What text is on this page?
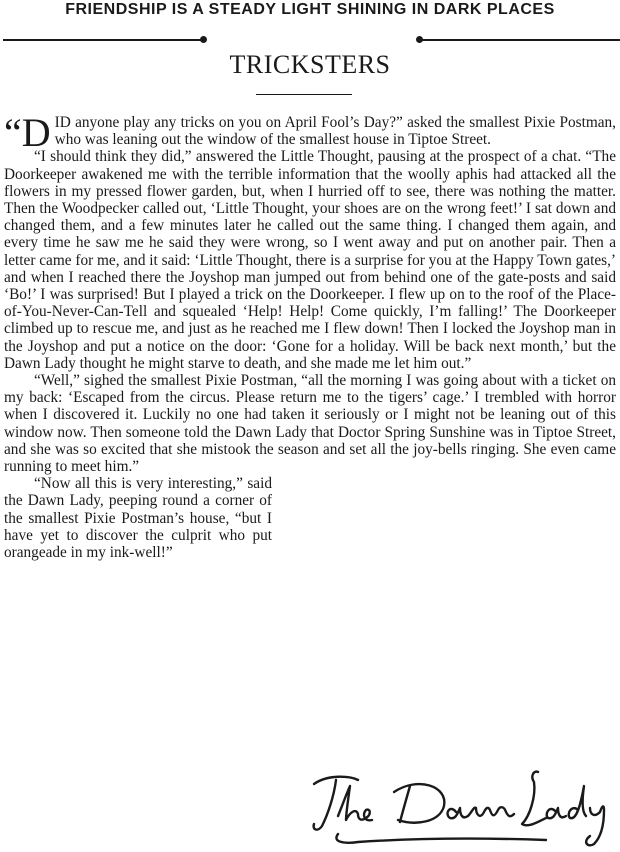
FRIENDSHIP IS A STEADY LIGHT SHINING IN DARK PLACES
TRICKSTERS

“DID anyone play any tricks on you on April Fool’s Day?” asked the smallest Pixie Postman, who was leaning out the window of the smallest house in Tiptoe Street.

“I should think they did,” answered the Little Thought, pausing at the prospect of a chat. “The Doorkeeper awakened me with the terrible information that the woolly aphis had attacked all the flowers in my pressed flower garden, but, when I hurried off to see, there was nothing the matter. Then the Woodpecker called out, ‘Little Thought, your shoes are on the wrong feet!’ I sat down and changed them, and a few minutes later he called out the same thing. I changed them again, and every time he saw me he said they were wrong, so I went away and put on another pair. Then a letter came for me, and it said: ‘Little Thought, there is a surprise for you at the Happy Town gates,’ and when I reached there the Joyshop man jumped out from behind one of the gate-posts and said ‘Bo!’ I was surprised! But I played a trick on the Doorkeeper. I flew up on to the roof of the Place-of-You-Never-Can-Tell and squealed ‘Help! Help! Come quickly, I’m falling!’ The Doorkeeper climbed up to rescue me, and just as he reached me I flew down! Then I locked the Joyshop man in the Joyshop and put a notice on the door: ‘Gone for a holiday. Will be back next month,’ but the Dawn Lady thought he might starve to death, and she made me let him out.”

“Well,” sighed the smallest Pixie Postman, “all the morning I was going about with a ticket on my back: ‘Escaped from the circus. Please return me to the tigers’ cage.’ I trembled with horror when I discovered it. Luckily no one had taken it seriously or I might not be leaning out of this window now. Then someone told the Dawn Lady that Doctor Spring Sunshine was in Tiptoe Street, and she was so excited that she mistook the season and set all the joy-bells ringing. She even came running to meet him.”

“Now all this is very interesting,” said the Dawn Lady, peeping round a corner of the smallest Pixie Postman’s house, “but I have yet to discover the culprit who put orangeade in my ink-well!”
